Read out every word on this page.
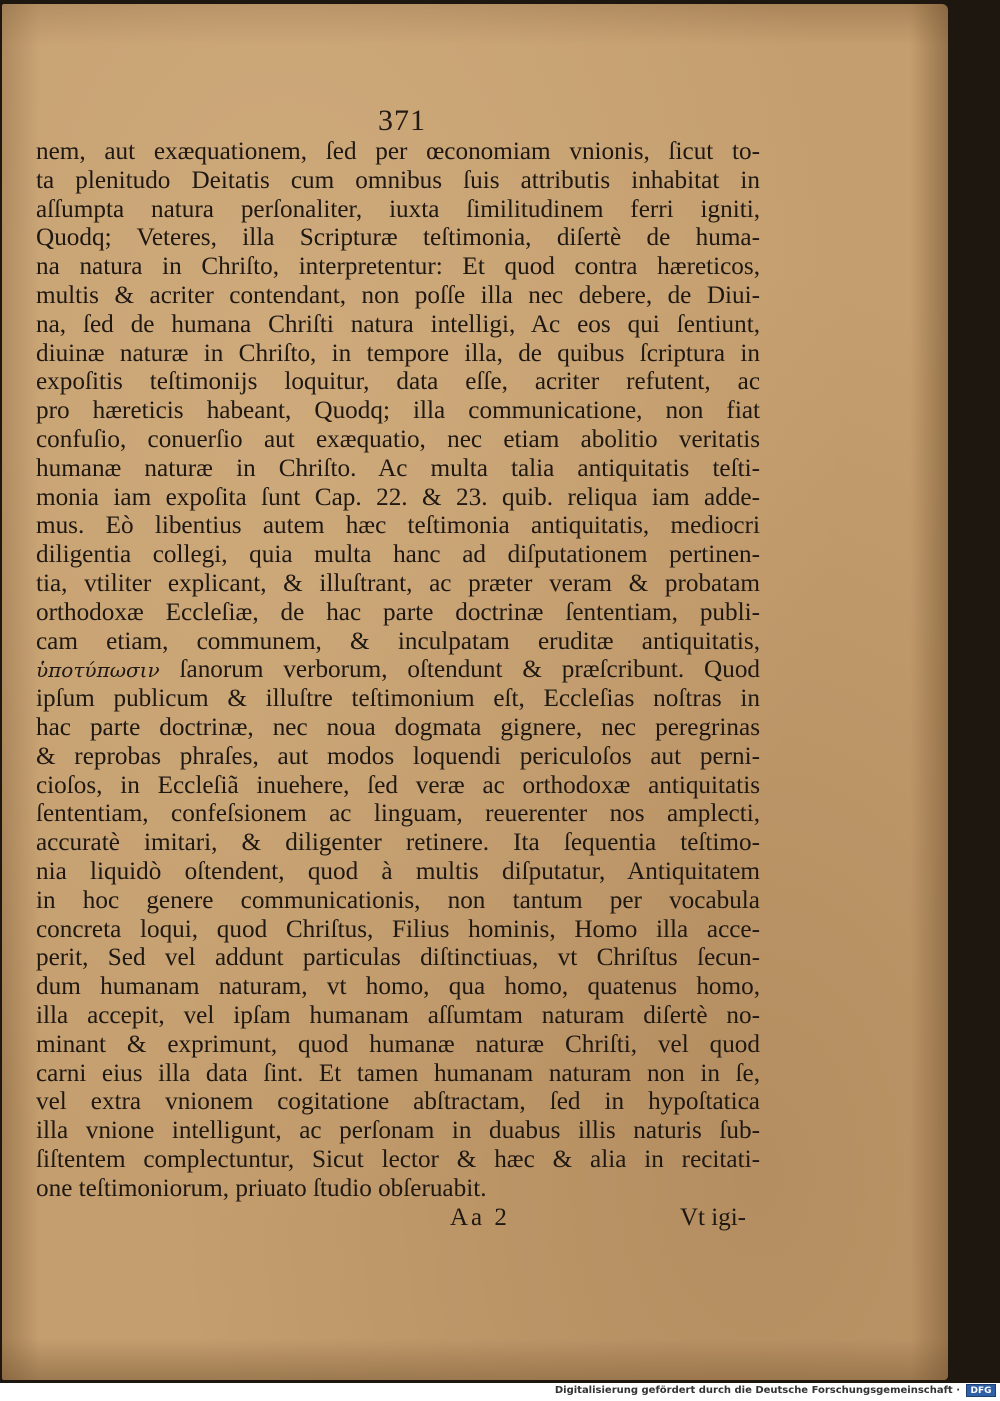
371
nem, aut exæquationem, ſed per œconomiam vnionis, ſicut to-
ta plenitudo Deitatis cum omnibus ſuis attributis inhabitat in
aſſumpta natura perſonaliter, iuxta ſimilitudinem ferri igniti,
Quodq; Veteres, illa Scripturæ teſtimonia, diſertè de huma-
na natura in Chriſto, interpretentur: Et quod contra hæreticos,
multis & acriter contendant, non poſſe illa nec debere, de Diui-
na, ſed de humana Chriſti natura intelligi, Ac eos qui ſentiunt,
diuinæ naturæ in Chriſto, in tempore illa, de quibus ſcriptura in
expoſitis teſtimonijs loquitur, data eſſe, acriter refutent, ac
pro hæreticis habeant, Quodq; illa communicatione, non fiat
confuſio, conuerſio aut exæquatio, nec etiam abolitio veritatis
humanæ naturæ in Chriſto. Ac multa talia antiquitatis teſti-
monia iam expoſita ſunt Cap. 22. & 23. quib. reliqua iam adde-
mus. Eò libentius autem hæc teſtimonia antiquitatis, mediocri
diligentia collegi, quia multa hanc ad diſputationem pertinen-
tia, vtiliter explicant, & illuſtrant, ac præter veram & probatam
orthodoxæ Eccleſiæ, de hac parte doctrinæ ſententiam, publi-
cam etiam, communem, & inculpatam eruditæ antiquitatis,
ὑποτύπωσιν ſanorum verborum, oſtendunt & præſcribunt. Quod
ipſum publicum & illuſtre teſtimonium eſt, Eccleſias noſtras in
hac parte doctrinæ, nec noua dogmata gignere, nec peregrinas
& reprobas phraſes, aut modos loquendi periculoſos aut perni-
cioſos, in Eccleſiã inuehere, ſed veræ ac orthodoxæ antiquitatis
ſententiam, confeſsionem ac linguam, reuerenter nos amplecti,
accuratè imitari, & diligenter retinere. Ita ſequentia teſtimo-
nia liquidò oſtendent, quod à multis diſputatur, Antiquitatem
in hoc genere communicationis, non tantum per vocabula
concreta loqui, quod Chriſtus, Filius hominis, Homo illa acce-
perit, Sed vel addunt particulas diſtinctiuas, vt Chriſtus ſecun-
dum humanam naturam, vt homo, qua homo, quatenus homo,
illa accepit, vel ipſam humanam aſſumtam naturam diſertè no-
minant & exprimunt, quod humanæ naturæ Chriſti, vel quod
carni eius illa data ſint. Et tamen humanam naturam non in ſe,
vel extra vnionem cogitatione abſtractam, ſed in hypoſtatica
illa vnione intelligunt, ac perſonam in duabus illis naturis ſub-
ſiſtentem complectuntur, Sicut lector & hæc & alia in recitati-
one teſtimoniorum, priuato ſtudio obſeruabit.
Aa 2	Vt igi-
Digitalisierung gefördert durch die Deutsche Forschungsgemeinschaft ·	DFG
